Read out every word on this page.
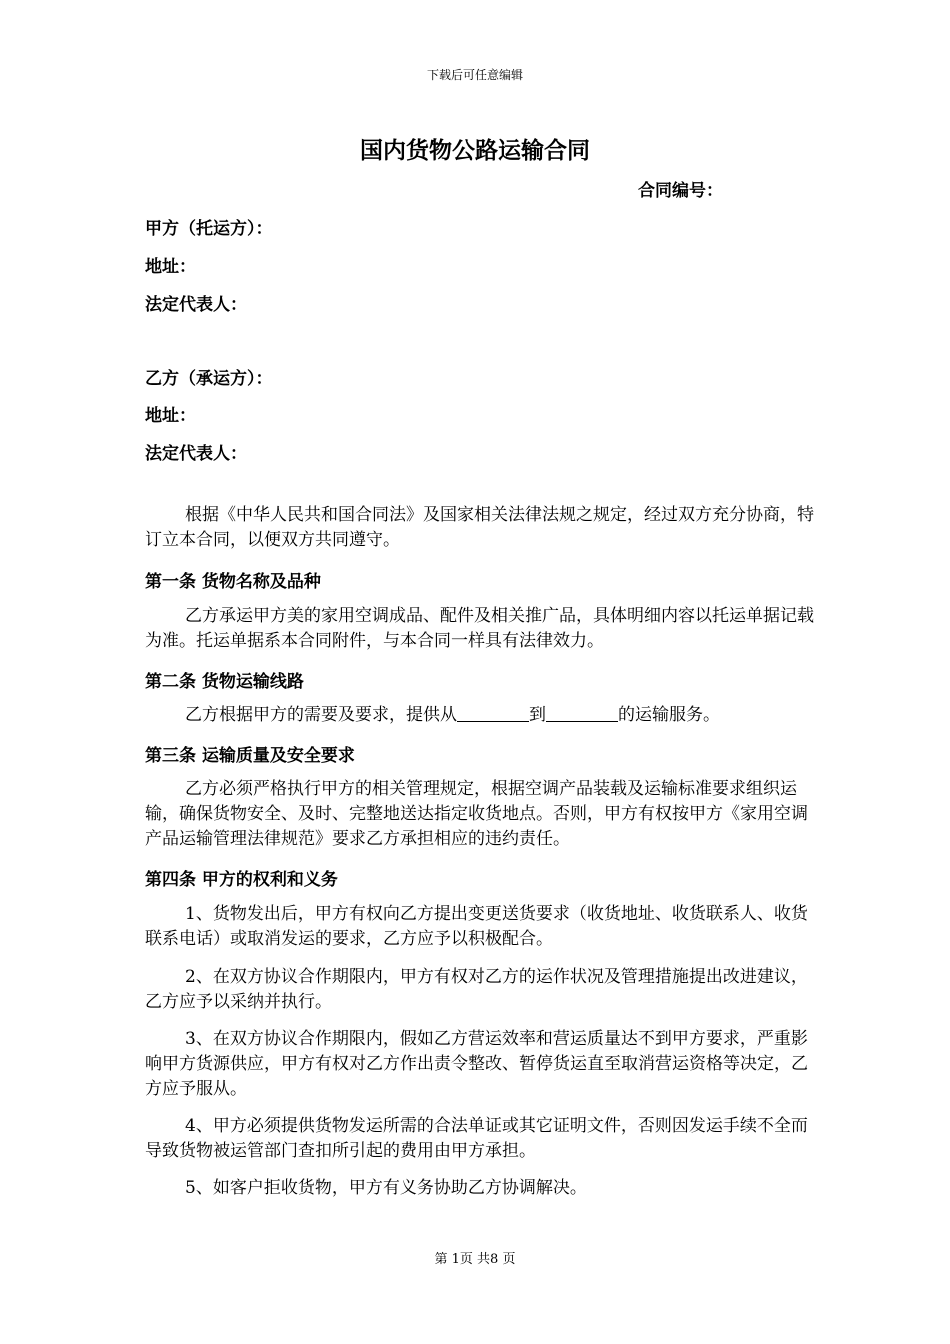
下载后可任意编辑
国内货物公路运输合同
合同编号：
甲方（托运方）：
地址：
法定代表人：
乙方（承运方）：
地址：
法定代表人：
根据《中华人民共和国合同法》及国家相关法律法规之规定，经过双方充分协商，特订立本合同，以便双方共同遵守。
第一条 货物名称及品种
乙方承运甲方美的家用空调成品、配件及相关推广品，具体明细内容以托运单据记载为准。托运单据系本合同附件，与本合同一样具有法律效力。
第二条 货物运输线路
乙方根据甲方的需要及要求，提供从	到	的运输服务。
第三条 运输质量及安全要求
乙方必须严格执行甲方的相关管理规定，根据空调产品装载及运输标准要求组织运输，确保货物安全、及时、完整地送达指定收货地点。否则，甲方有权按甲方《家用空调产品运输管理法律规范》要求乙方承担相应的违约责任。
第四条 甲方的权利和义务
1、货物发出后，甲方有权向乙方提出变更送货要求（收货地址、收货联系人、收货联系电话）或取消发运的要求，乙方应予以积极配合。
2、在双方协议合作期限内，甲方有权对乙方的运作状况及管理措施提出改进建议，乙方应予以采纳并执行。
3、在双方协议合作期限内，假如乙方营运效率和营运质量达不到甲方要求，严重影响甲方货源供应，甲方有权对乙方作出责令整改、暂停货运直至取消营运资格等决定，乙方应予服从。
4、甲方必须提供货物发运所需的合法单证或其它证明文件，否则因发运手续不全而导致货物被运管部门查扣所引起的费用由甲方承担。
5、如客户拒收货物，甲方有义务协助乙方协调解决。
第 1页 共8 页
